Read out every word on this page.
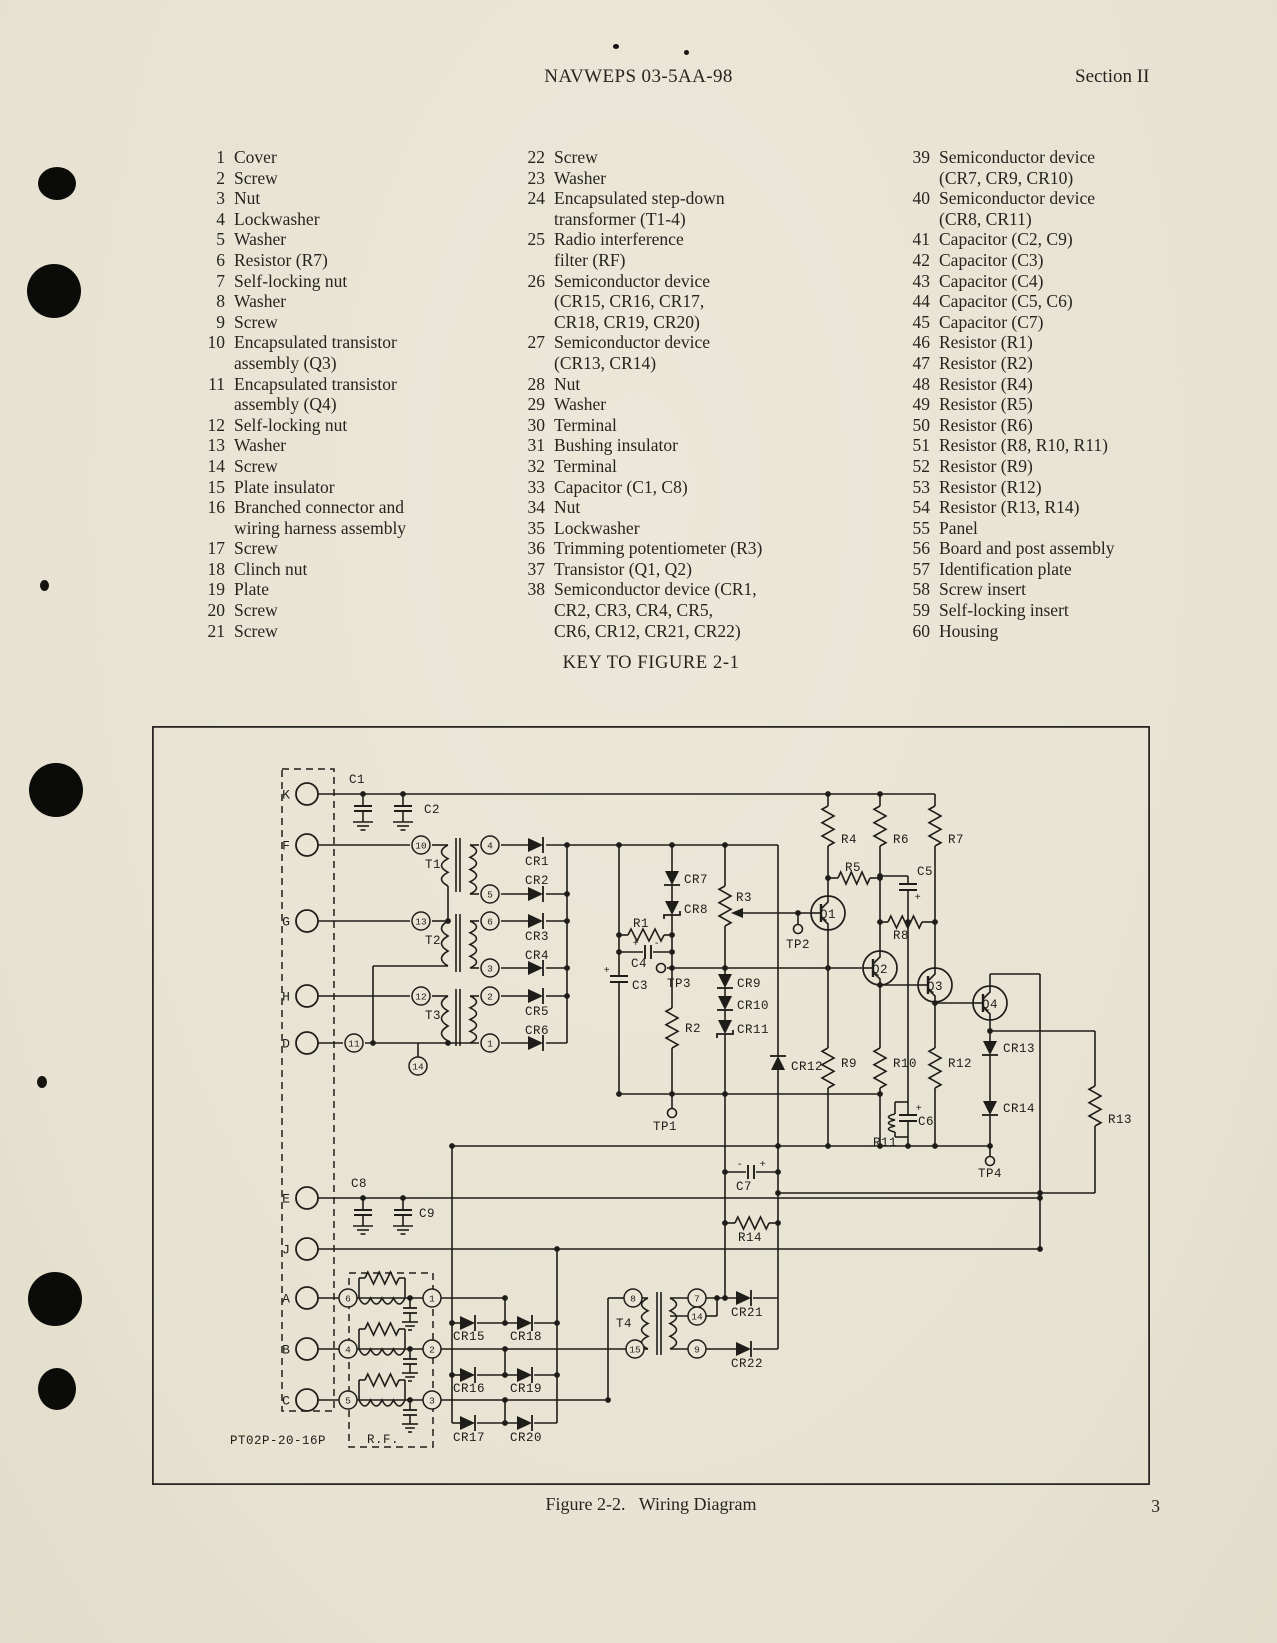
NAVWEPS 03-5AA-98	Section II
1 Cover
2 Screw
3 Nut
4 Lockwasher
5 Washer
6 Resistor (R7)
7 Self-locking nut
8 Washer
9 Screw
10 Encapsulated transistor
assembly (Q3)
11 Encapsulated transistor
assembly (Q4)
12 Self-locking nut
13 Washer
14 Screw
15 Plate insulator
16 Branched connector and
wiring harness assembly
17 Screw
18 Clinch nut
19 Plate
20 Screw
21 Screw
22 Screw
23 Washer
24 Encapsulated step-down
transformer (T1-4)
25 Radio interference
filter (RF)
26 Semiconductor device
(CR15, CR16, CR17,
CR18, CR19, CR20)
27 Semiconductor device
(CR13, CR14)
28 Nut
29 Washer
30 Terminal
31 Bushing insulator
32 Terminal
33 Capacitor (C1, C8)
34 Nut
35 Lockwasher
36 Trimming potentiometer (R3)
37 Transistor (Q1, Q2)
38 Semiconductor device (CR1,
CR2, CR3, CR4, CR5,
CR6, CR12, CR21, CR22)
39 Semiconductor device
(CR7, CR9, CR10)
40 Semiconductor device
(CR8, CR11)
41 Capacitor (C2, C9)
42 Capacitor (C3)
43 Capacitor (C4)
44 Capacitor (C5, C6)
45 Capacitor (C7)
46 Resistor (R1)
47 Resistor (R2)
48 Resistor (R4)
49 Resistor (R5)
50 Resistor (R6)
51 Resistor (R8, R10, R11)
52 Resistor (R9)
53 Resistor (R12)
54 Resistor (R13, R14)
55 Panel
56 Board and post assembly
57 Identification plate
58 Screw insert
59 Self-locking insert
60 Housing
KEY TO FIGURE 2-1
K
F
G
H
D
E
J
A
B
C
10	4
5
13	6
3
12	2
11	1
14
6	1
4	2
5	3
8
15
7
14
9
C1
C2
T1
T2
T3
CR1
CR2
CR3
CR4
CR5
CR6
CR7
CR8
R1
C4
C3
R3
TP3
TP2
CR9
CR10
CR11
R2
CR12 R9	R10 R12
R4
R5
R6	R7
C5
R8
Q1
Q2
Q3
Q4
CR13
CR14
TP4
R13
R11
C6
C8
C9
C7
R14
TP1
CR21
CR22
T4
CR15 CR18
CR16 CR19
CR17 CR20
R.F.
PT02P-20-16P
+
+ -
+
+
- +
Figure 2-2.   Wiring Diagram	3
